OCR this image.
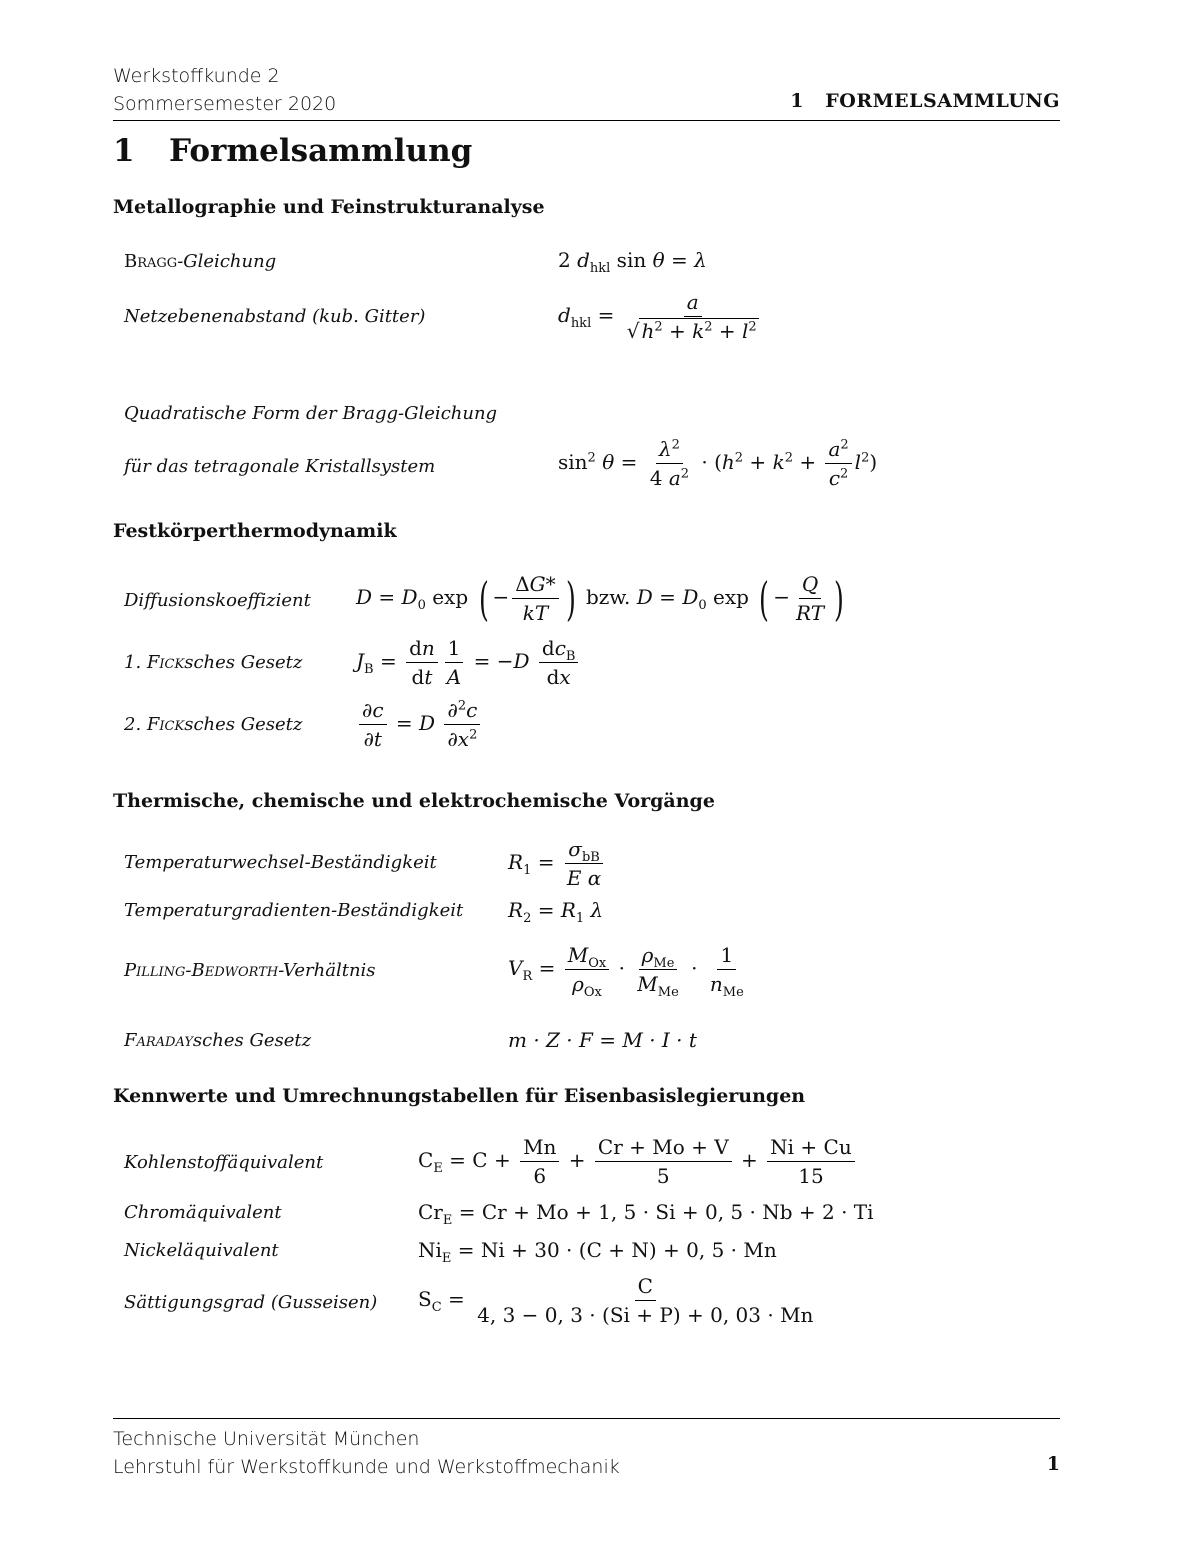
Werkstoffkunde 2
Sommersemester 2020	1   FORMELSAMMLUNG
1 Formelsammlung
Metallographie und Feinstrukturanalyse
Bragg-Gleichung	2 $d_{hkl}$ sin θ = λ
Netzebenenabstand (kub. Gitter)	$d_{hkl} = \frac{a}{√ h^2 + k^2 + l^2}$
Quadratische Form der Bragg-Gleichung
für das tetragonale Kristallsystem	$\sin^2 \theta = \frac{\lambda^2}{4 a^2} \cdot (h^2 + k^2 + \frac{a^2}{c^2} l^2)$
Festkörperthermodynamik
Diffusionskoeffizient $D = D_0$ exp ( − $\frac{\Delta G*}{kT}$ ) bzw. $D = D_0$ exp ( − $\frac{Q}{RT}$ )
1. Ficksches Gesetz	$J_B = \frac{dn}{dt} \frac{1}{A} = -D \frac{dc_B}{dx}$
2. Ficksches Gesetz	$\frac{\partial c}{\partial t} = D \frac{\partial^2c}{\partial x^2}$
Thermische, chemische und elektrochemische Vorgänge
Temperaturwechsel-Beständigkeit	$R_1 = \frac{\sigma_{bB}}{\text{E α}}$
Temperaturgradienten-Beständigkeit $R_2 = R_1$ λ
Pilling-Bedworth-Verhältnis	$V_R = \frac{M_{Ox}}{\rho_{Ox}} \cdot \frac{\rho_{Me}}{M_{Me}} \cdot \frac{1}{n_{Me}}$
Faradaysches Gesetz	m · Z · F = M · I · t
Kennwerte und Umrechnungstabellen für Eisenbasislegierungen
Kohlenstoffäquivalent	$C_E = C + \frac{Mn}{6} + \frac{Cr + Mo + V}{5} + \frac{Ni + Cu}{15}$
Chromäquivalent	$Cr_E = Cr + Mo + 1$, 5 · Si + 0, 5 · Nb + 2 · Ti
Nickeläquivalent	$Ni_E = Ni + 30 \cdot (C + N) + 0$, 5 · Mn
Sättigungsgrad (Gusseisen) $S_C = \frac{C}{4, 3 - 0, 3 \cdot (Si + P) + 0, 03 \cdot Mn}$
Technische Universität München
Lehrstuhl für Werkstoffkunde und Werkstoffmechanik	1
